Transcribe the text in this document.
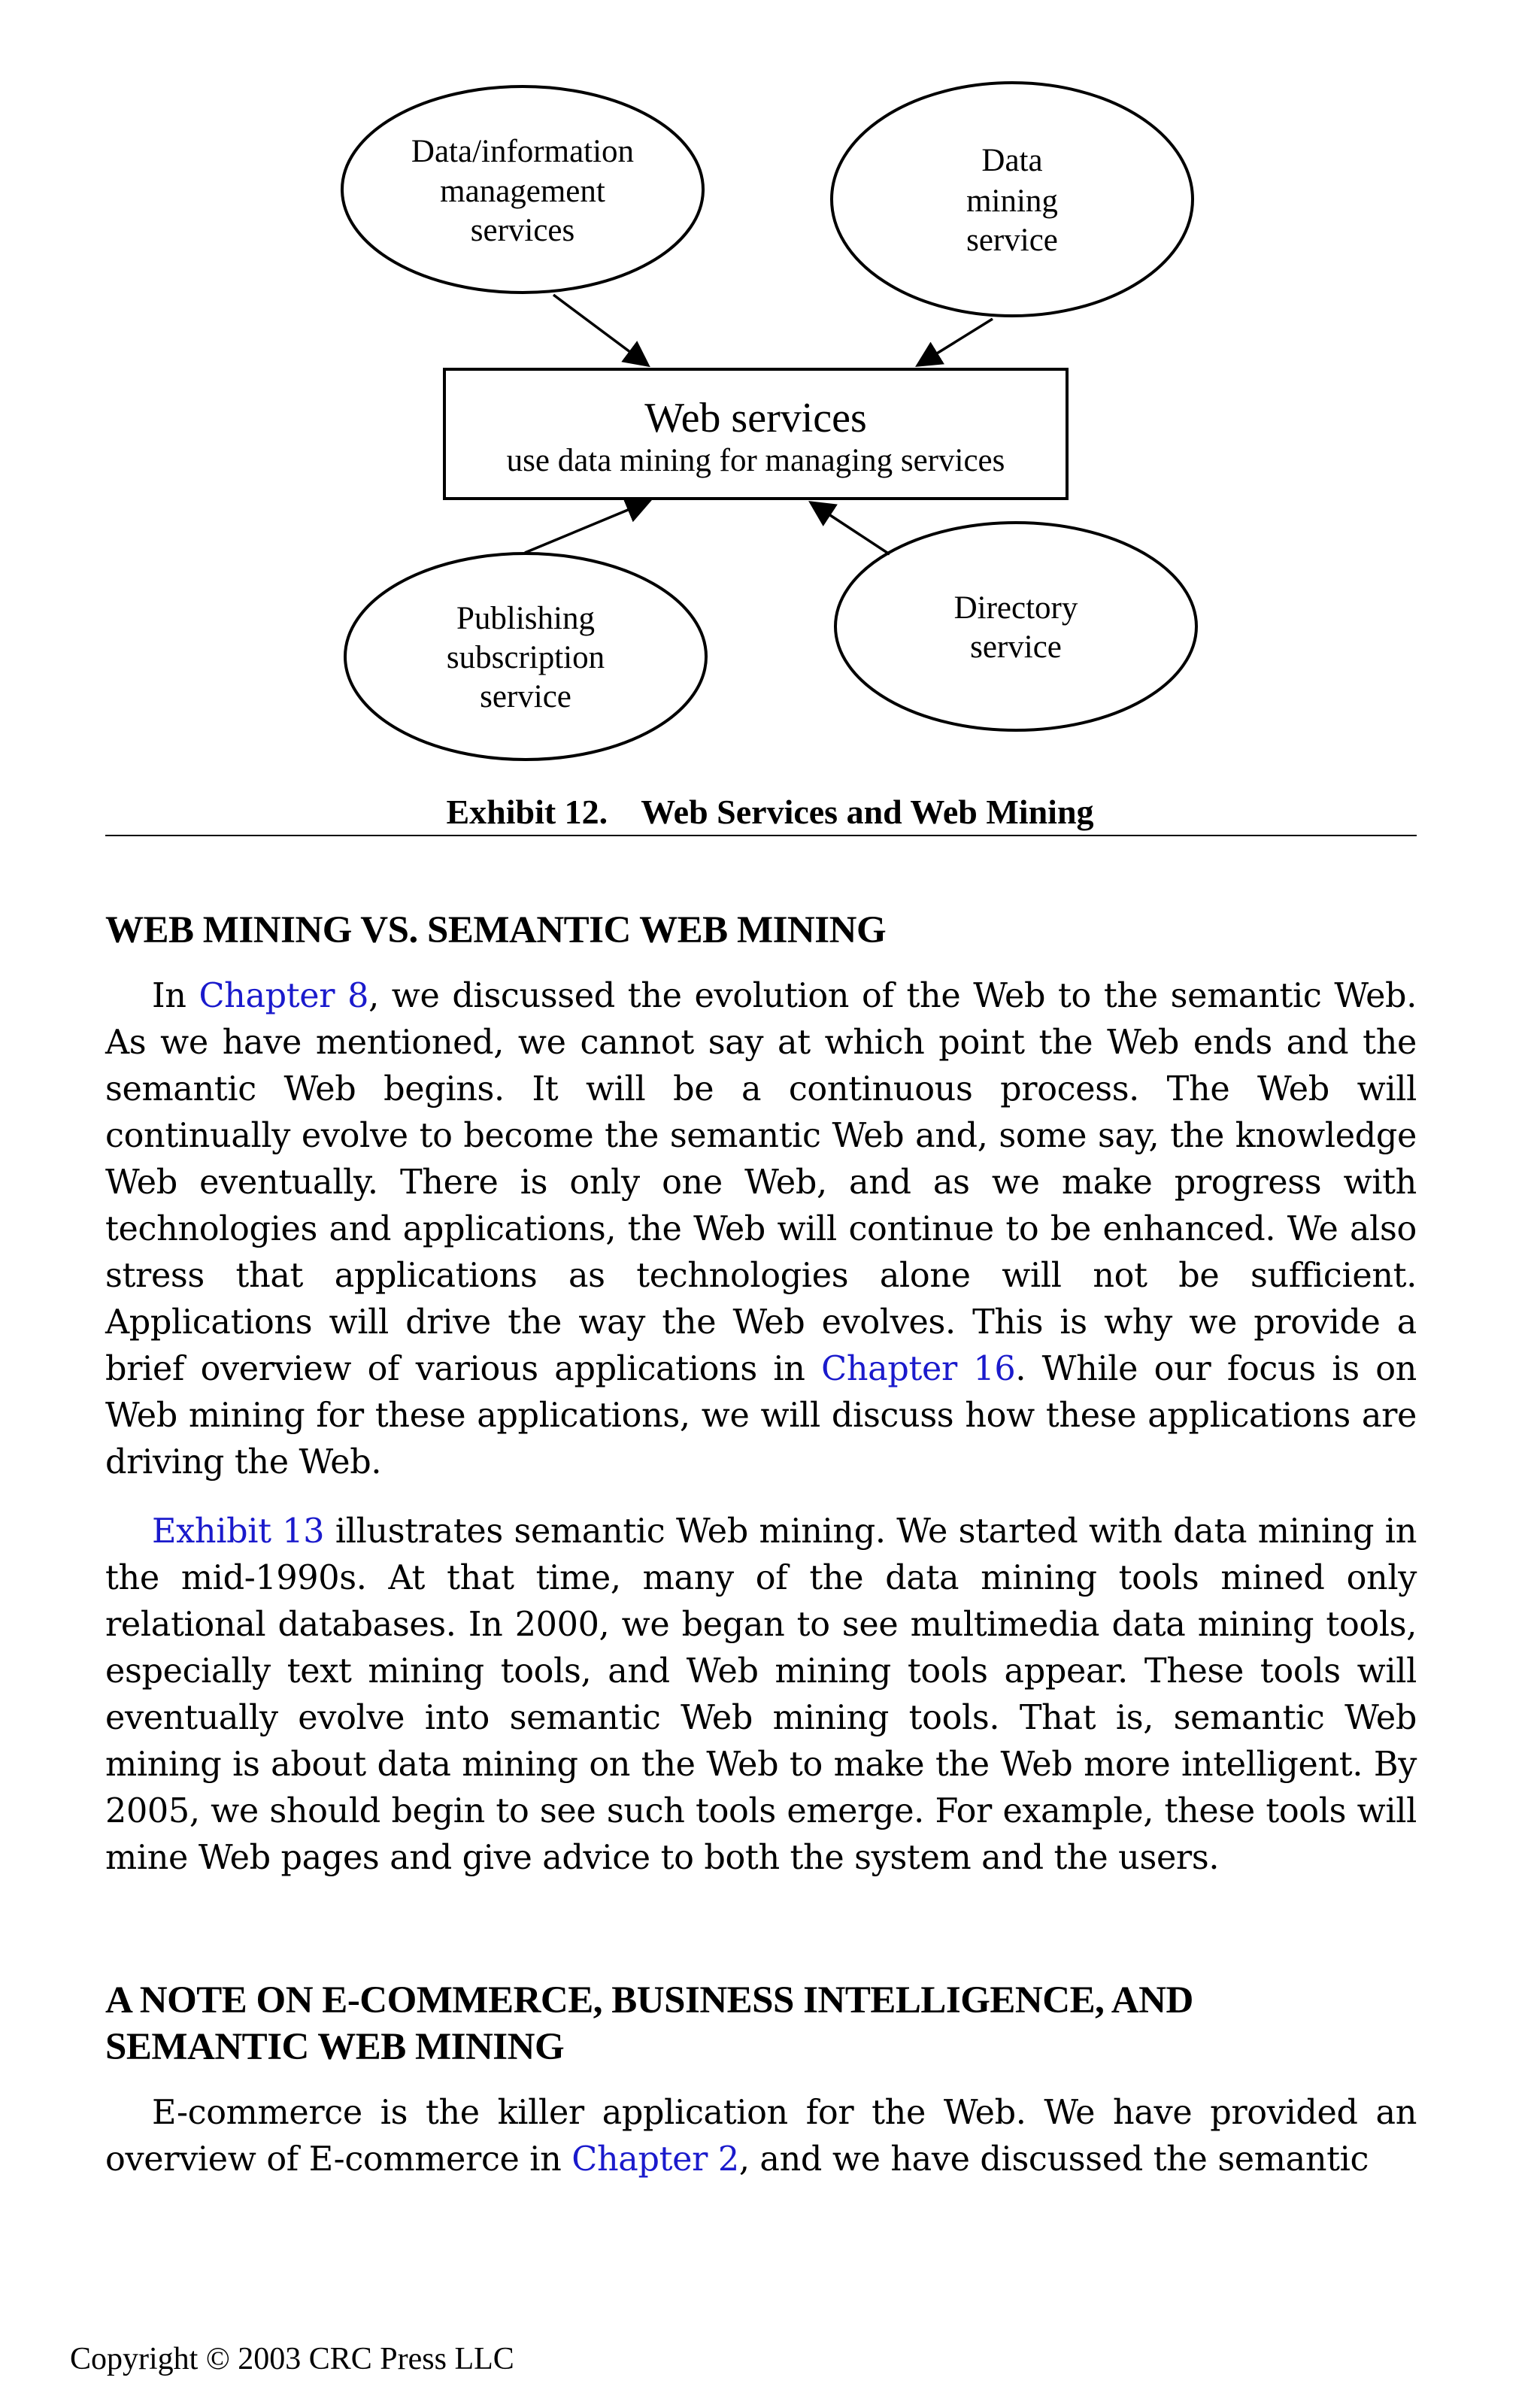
Data/information
management
services
Data
mining
service
Web services
use data mining for managing services
Publishing
subscription
service
Directory
service
Exhibit 12. Web Services and Web Mining
WEB MINING VS. SEMANTIC WEB MINING

In Chapter 8, we discussed the evolution of the Web to the semantic Web. As we have mentioned, we cannot say at which point the Web ends and the semantic Web begins. It will be a continuous process. The Web will continually evolve to become the semantic Web and, some say, the knowledge Web eventually. There is only one Web, and as we make progress with technologies and applications, the Web will continue to be enhanced. We also stress that applications as technologies alone will not be sufficient. Applications will drive the way the Web evolves. This is why we provide a brief overview of various applications in Chapter 16. While our focus is on Web mining for these applications, we will discuss how these applications are driving the Web.

Exhibit 13 illustrates semantic Web mining. We started with data mining in the mid-1990s. At that time, many of the data mining tools mined only relational databases. In 2000, we began to see multimedia data mining tools, especially text mining tools, and Web mining tools appear. These tools will eventually evolve into semantic Web mining tools. That is, semantic Web mining is about data mining on the Web to make the Web more intelligent. By 2005, we should begin to see such tools emerge. For example, these tools will mine Web pages and give advice to both the system and the users.

A NOTE ON E-COMMERCE, BUSINESS INTELLIGENCE, AND
SEMANTIC WEB MINING

E-commerce is the killer application for the Web. We have provided an overview of E-commerce in Chapter 2, and we have discussed the semantic

Copyright © 2003 CRC Press LLC
